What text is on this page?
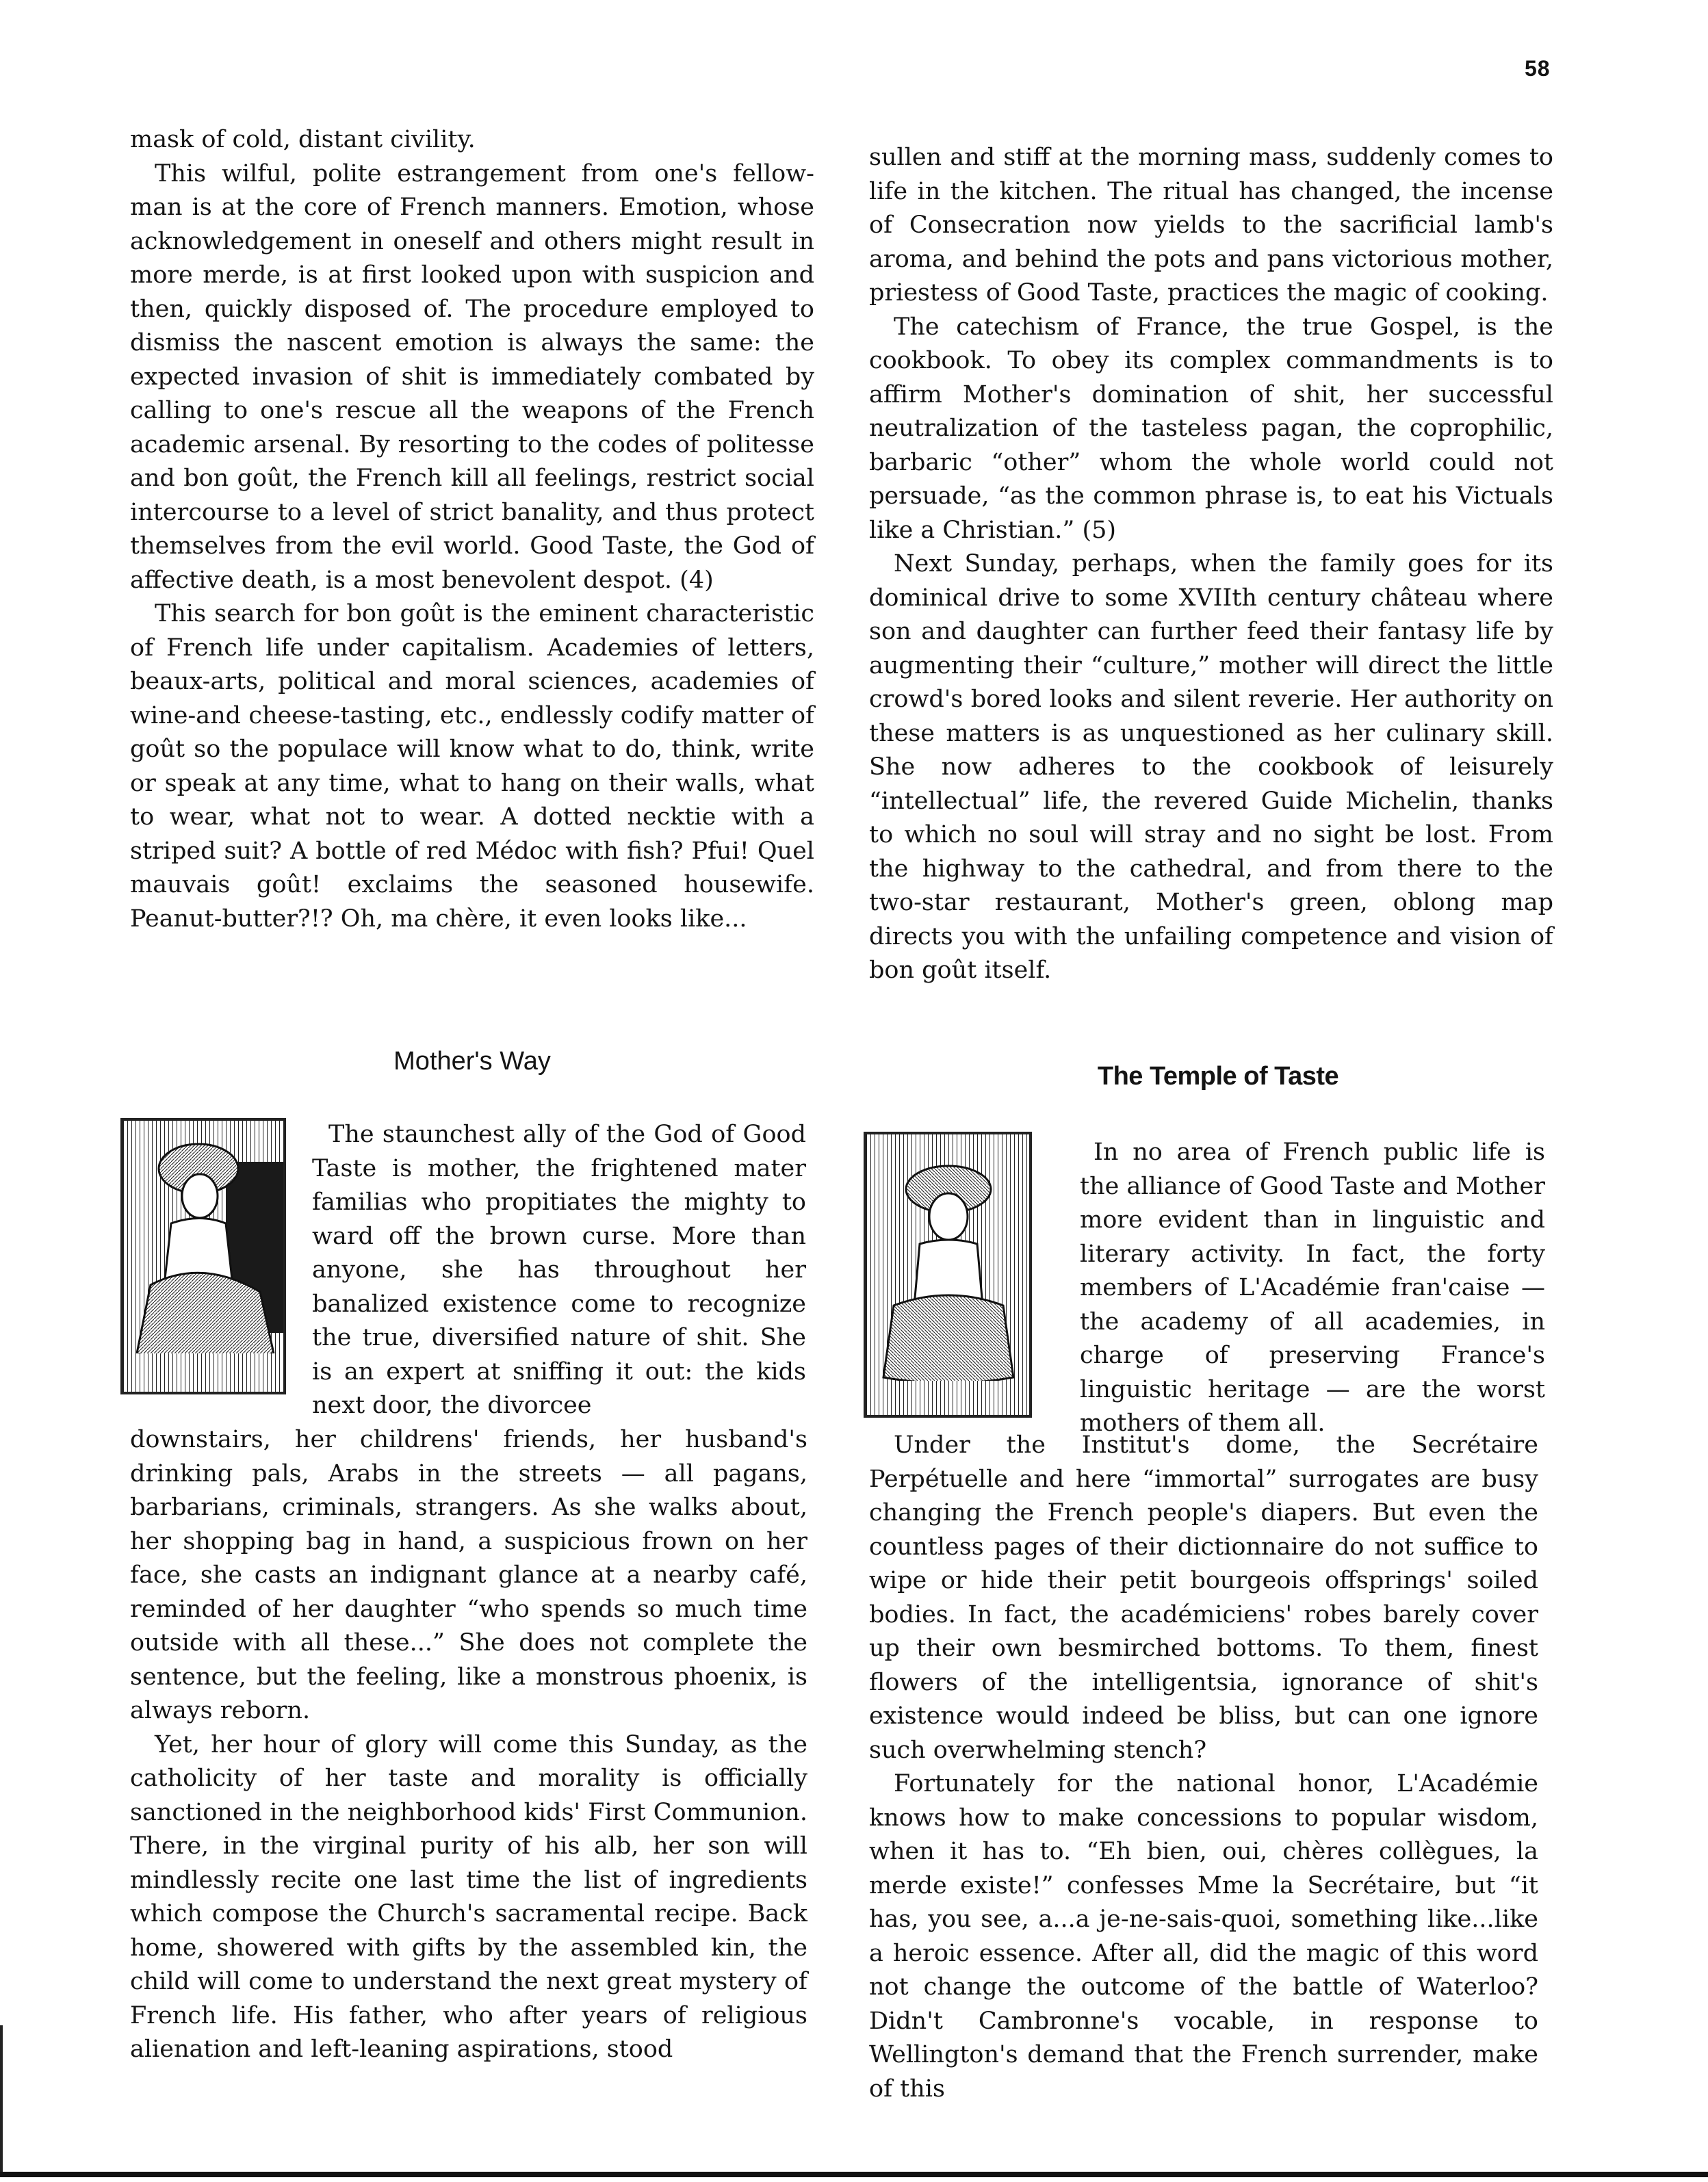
58

mask of cold, distant civility.

This wilful, polite estrangement from one's fellow-man is at the core of French manners. Emotion, whose acknowledgement in oneself and others might result in more merde, is at first looked upon with suspicion and then, quickly disposed of. The procedure employed to dismiss the nascent emotion is always the same: the expected invasion of shit is immediately combated by calling to one's rescue all the weapons of the French academic arsenal. By resorting to the codes of politesse and bon goût, the French kill all feelings, restrict social intercourse to a level of strict banality, and thus protect themselves from the evil world. Good Taste, the God of affective death, is a most benevolent despot. (4)

This search for bon goût is the eminent characteristic of French life under capitalism. Academies of letters, beaux-arts, political and moral sciences, academies of wine-and cheese-tasting, etc., endlessly codify matter of goût so the populace will know what to do, think, write or speak at any time, what to hang on their walls, what to wear, what not to wear. A dotted necktie with a striped suit? A bottle of red Médoc with fish? Pfui! Quel mauvais goût! exclaims the seasoned housewife. Peanut-butter?!? Oh, ma chère, it even looks like...

Mother's Way

The staunchest ally of the God of Good Taste is mother, the frightened mater familias who propitiates the mighty to ward off the brown curse. More than anyone, she has throughout her banalized existence come to recognize the true, diversified nature of shit. She is an expert at sniffing it out: the kids next door, the divorcee

downstairs, her childrens' friends, her husband's drinking pals, Arabs in the streets — all pagans, barbarians, criminals, strangers. As she walks about, her shopping bag in hand, a suspicious frown on her face, she casts an indignant glance at a nearby café, reminded of her daughter “who spends so much time outside with all these...” She does not complete the sentence, but the feeling, like a monstrous phoenix, is always reborn.

Yet, her hour of glory will come this Sunday, as the catholicity of her taste and morality is officially sanctioned in the neighborhood kids' First Communion. There, in the virginal purity of his alb, her son will mindlessly recite one last time the list of ingredients which compose the Church's sacramental recipe. Back home, showered with gifts by the assembled kin, the child will come to understand the next great mystery of French life. His father, who after years of religious alienation and left-leaning aspirations, stood

sullen and stiff at the morning mass, suddenly comes to life in the kitchen. The ritual has changed, the incense of Consecration now yields to the sacrificial lamb's aroma, and behind the pots and pans victorious mother, priestess of Good Taste, practices the magic of cooking.

The catechism of France, the true Gospel, is the cookbook. To obey its complex commandments is to affirm Mother's domination of shit, her successful neutralization of the tasteless pagan, the coprophilic, barbaric “other” whom the whole world could not persuade, “as the common phrase is, to eat his Victuals like a Christian.” (5)

Next Sunday, perhaps, when the family goes for its dominical drive to some XVIIth century château where son and daughter can further feed their fantasy life by augmenting their “culture,” mother will direct the little crowd's bored looks and silent reverie. Her authority on these matters is as unquestioned as her culinary skill. She now adheres to the cookbook of leisurely “intellectual” life, the revered Guide Michelin, thanks to which no soul will stray and no sight be lost. From the highway to the cathedral, and from there to the two-star restaurant, Mother's green, oblong map directs you with the unfailing competence and vision of bon goût itself.

The Temple of Taste

In no area of French public life is the alliance of Good Taste and Mother more evident than in linguistic and literary activity. In fact, the forty members of L'Académie fran'caise — the academy of all academies, in charge of preserving France's linguistic heritage — are the worst mothers of them all.

Under the Institut's dome, the Secrétaire Perpétuelle and here “immortal” surrogates are busy changing the French people's diapers. But even the countless pages of their dictionnaire do not suffice to wipe or hide their petit bourgeois offsprings' soiled bodies. In fact, the académiciens' robes barely cover up their own besmirched bottoms. To them, finest flowers of the intelligentsia, ignorance of shit's existence would indeed be bliss, but can one ignore such overwhelming stench?

Fortunately for the national honor, L'Académie knows how to make concessions to popular wisdom, when it has to. “Eh bien, oui, chères collègues, la merde existe!” confesses Mme la Secrétaire, but “it has, you see, a...a je-ne-sais-quoi, something like...like a heroic essence. After all, did the magic of this word not change the outcome of the battle of Waterloo? Didn't Cambronne's vocable, in response to Wellington's demand that the French surrender, make of this
